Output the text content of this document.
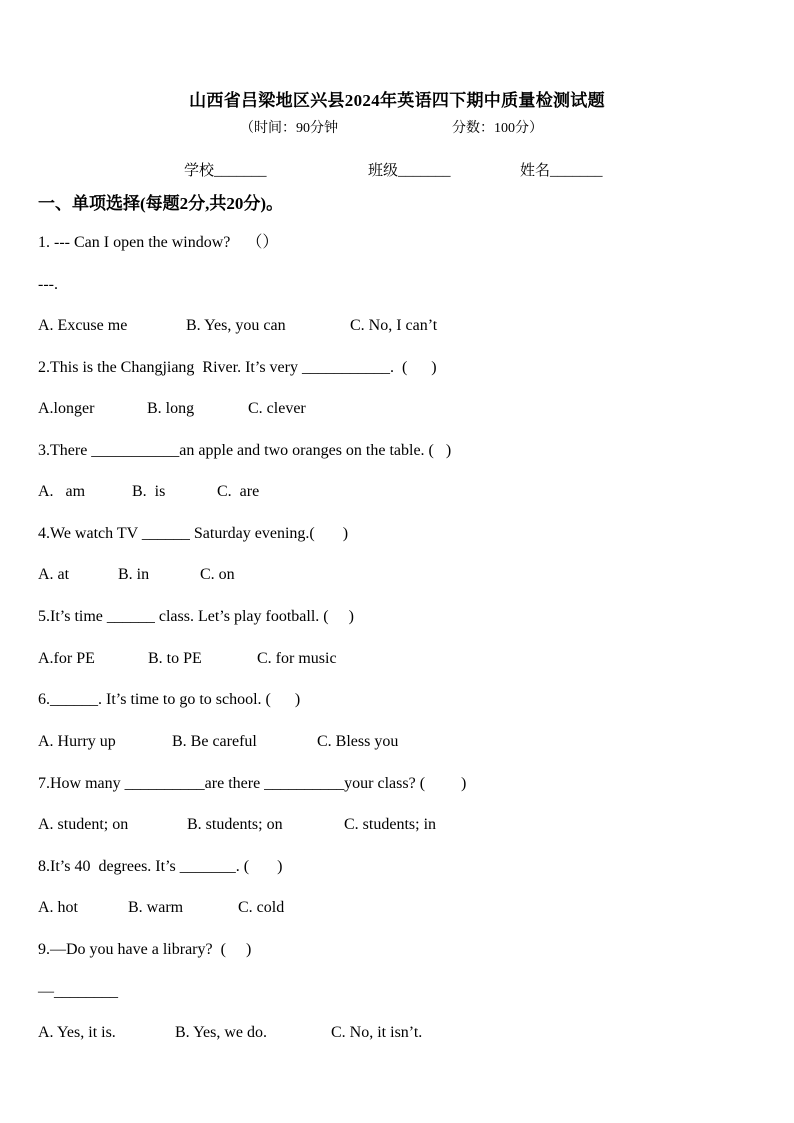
山西省吕梁地区兴县2024年英语四下期中质量检测试题
（时间：90分钟	分数：100分）
学校_______	班级_______	姓名_______
一、单项选择(每题2分,共20分)。
1. --- Can I open the window?    （）
---.
A. Excuse me	B. Yes, you can	C. No, I can’t
2.This is the Changjiang  River. It’s very ___________.  (      )
A.longer	B. long	C. clever
3.There ___________an apple and two oranges on the table. (   )
A.   am	B.  is	C.  are
4.We watch TV ______ Saturday evening.(       )
A. at	B. in	C. on
5.It’s time ______ class. Let’s play football. (     )
A.for PE	B. to PE	C. for music
6.______. It’s time to go to school. (      )
A. Hurry up	B. Be careful	C. Bless you
7.How many __________are there __________your class? (         )
A. student; on	B. students; on	C. students; in
8.It’s 40  degrees. It’s _______. (       )
A. hot	B. warm	C. cold
9.—Do you have a library?  (     )
—________
A. Yes, it is.	B. Yes, we do.	C. No, it isn’t.
